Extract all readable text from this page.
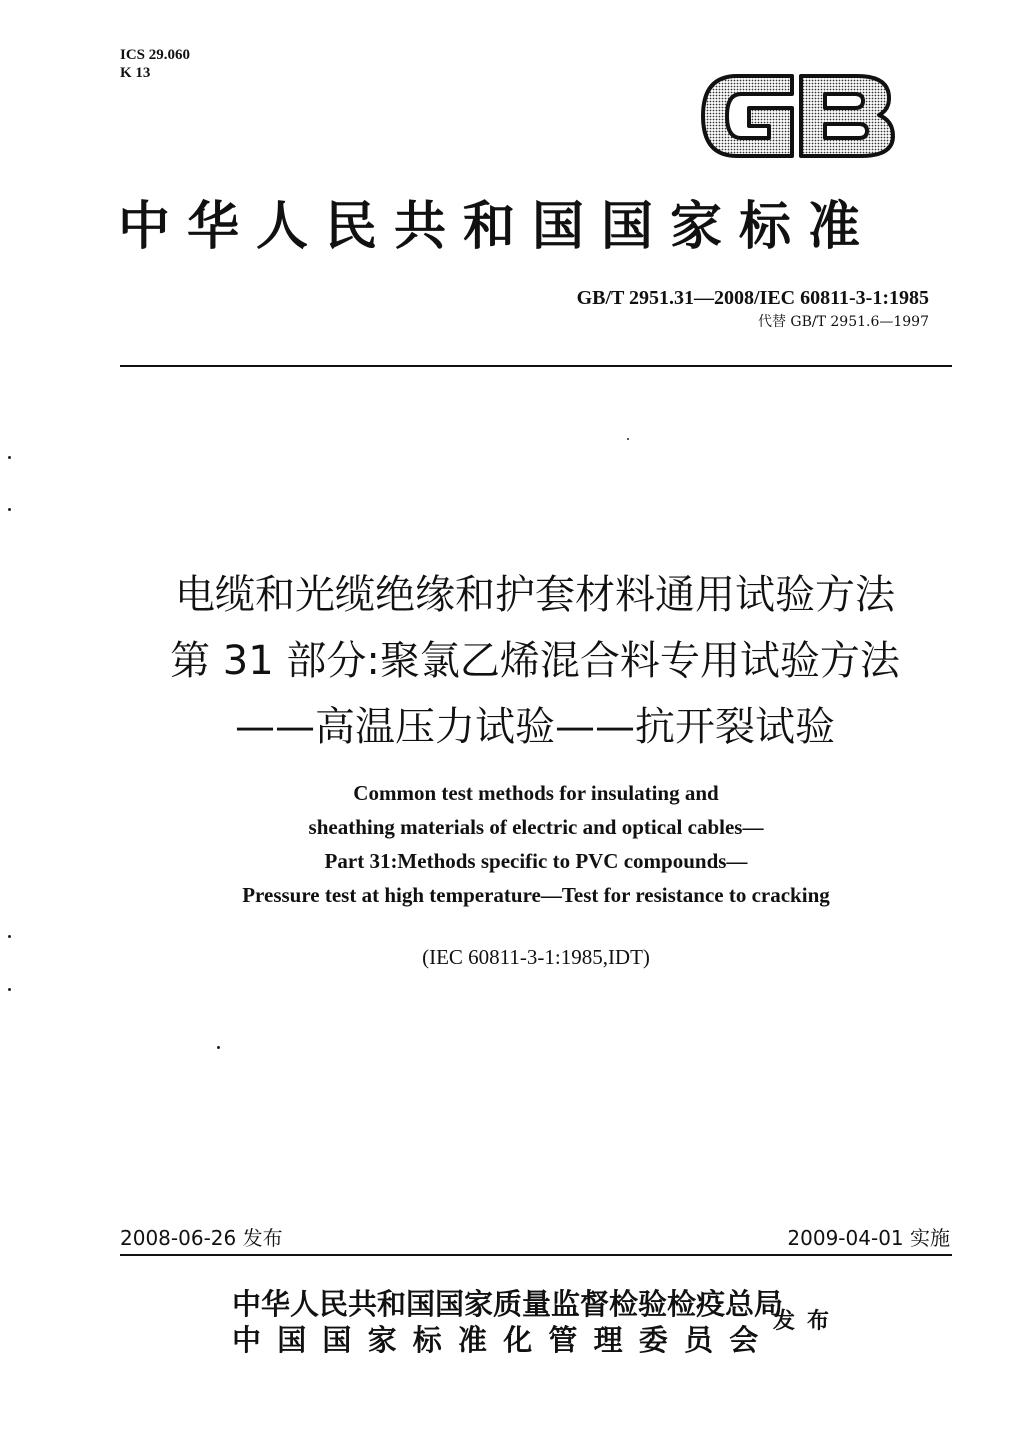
ICS 29.060
K 13
GB
中华人民共和国国家标准
GB/T 2951.31—2008/IEC 60811-3-1:1985
代替 GB/T 2951.6—1997
电缆和光缆绝缘和护套材料通用试验方法
第 31 部分:聚氯乙烯混合料专用试验方法
——高温压力试验——抗开裂试验
Common test methods for insulating and
sheathing materials of electric and optical cables—
Part 31:Methods specific to PVC compounds—
Pressure test at high temperature—Test for resistance to cracking
(IEC 60811-3-1:1985,IDT)
2008-06-26 发布	2009-04-01 实施
中华人民共和国国家质量监督检验检疫总局
中国国家标准化管理委员会
发布
